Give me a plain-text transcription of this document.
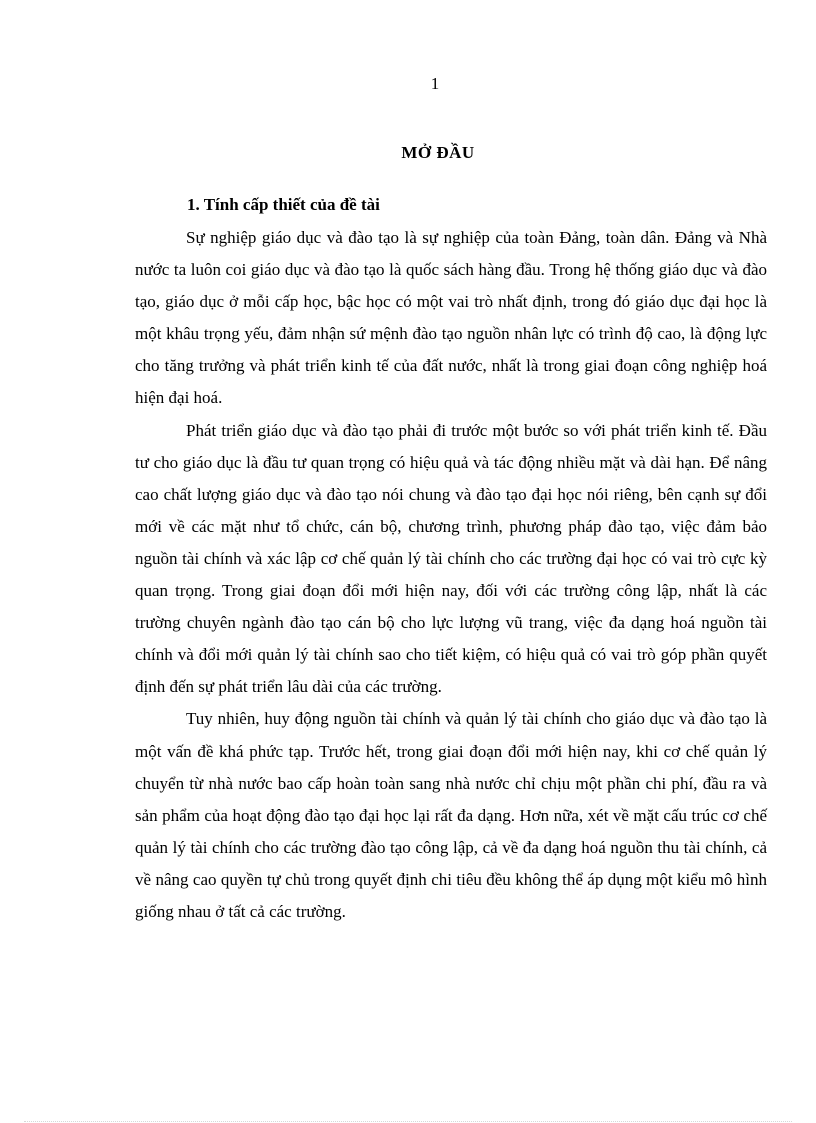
1
MỞ ĐẦU
1. Tính cấp thiết của đề tài

Sự nghiệp giáo dục và đào tạo là sự nghiệp của toàn Đảng, toàn dân. Đảng và Nhà nước ta luôn coi giáo dục và đào tạo là quốc sách hàng đầu. Trong hệ thống giáo dục và đào tạo, giáo dục ở mỗi cấp học, bậc học có một vai trò nhất định, trong đó giáo dục đại học là một khâu trọng yếu, đảm nhận sứ mệnh đào tạo nguồn nhân lực có trình độ cao, là động lực cho tăng trưởng và phát triển kinh tế của đất nước, nhất là trong giai đoạn công nghiệp hoá hiện đại hoá.

Phát triển giáo dục và đào tạo phải đi trước một bước so với phát triển kinh tế. Đầu tư cho giáo dục là đầu tư quan trọng có hiệu quả và tác động nhiều mặt và dài hạn. Để nâng cao chất lượng giáo dục và đào tạo nói chung và đào tạo đại học nói riêng, bên cạnh sự đổi mới về các mặt như tổ chức, cán bộ, chương trình, phương pháp đào tạo, việc đảm bảo nguồn tài chính và xác lập cơ chế quản lý tài chính cho các trường đại học có vai trò cực kỳ quan trọng. Trong giai đoạn đổi mới hiện nay, đối với các trường công lập, nhất là các trường chuyên ngành đào tạo cán bộ cho lực lượng vũ trang, việc đa dạng hoá nguồn tài chính và đổi mới quản lý tài chính sao cho tiết kiệm, có hiệu quả có vai trò góp phần quyết định đến sự phát triển lâu dài của các trường.

Tuy nhiên, huy động nguồn tài chính và quản lý tài chính cho giáo dục và đào tạo là một vấn đề khá phức tạp. Trước hết, trong giai đoạn đổi mới hiện nay, khi cơ chế quản lý chuyển từ nhà nước bao cấp hoàn toàn sang nhà nước chỉ chịu một phần chi phí, đầu ra và sản phẩm của hoạt động đào tạo đại học lại rất đa dạng. Hơn nữa, xét về mặt cấu trúc cơ chế quản lý tài chính cho các trường đào tạo công lập, cả về đa dạng hoá nguồn thu tài chính, cả về nâng cao quyền tự chủ trong quyết định chi tiêu đều không thể áp dụng một kiểu mô hình giống nhau ở tất cả các trường.
